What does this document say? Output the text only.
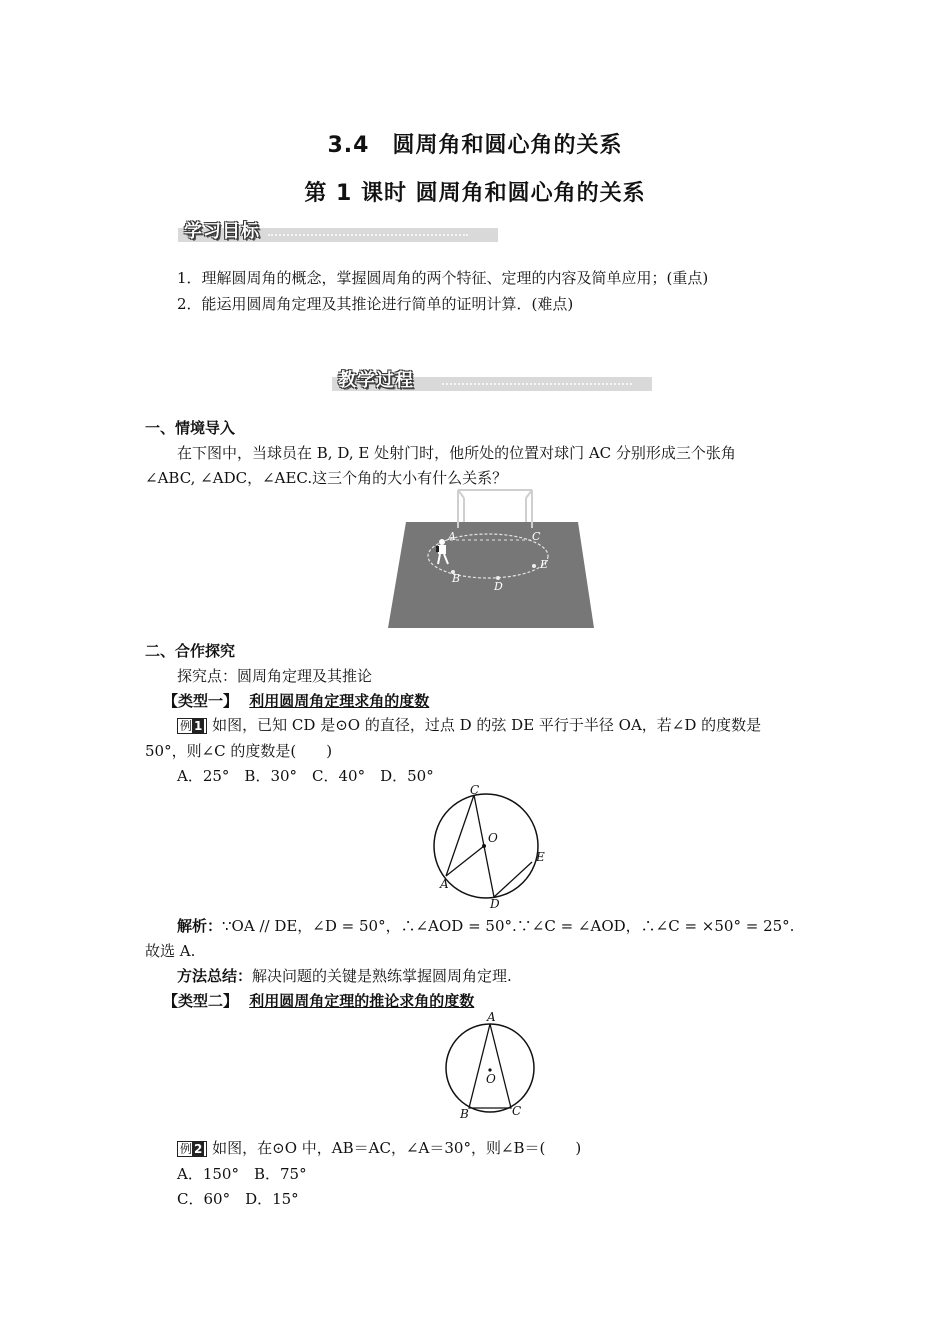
3.4　圆周角和圆心角的关系
第 1 课时 圆周角和圆心角的关系
学习目标
1．理解圆周角的概念，掌握圆周角的两个特征、定理的内容及简单应用；(重点)
2．能运用圆周角定理及其推论进行简单的证明计算．(难点)
教学过程
一、情境导入
在下图中，当球员在 B, D, E 处射门时，他所处的位置对球门 AC 分别形成三个张角
∠ABC, ∠ADC，∠AEC.这三个角的大小有什么关系？
A
B
C
D
E
二、合作探究
探究点：圆周角定理及其推论
【类型一】 利用圆周角定理求角的度数
例 1 如图，已知 CD 是⊙O 的直径，过点 D 的弦 DE 平行于半径 OA，若∠D 的度数是
50°，则∠C 的度数是(　　)
A．25°　B．30°　C．40°　D．50°
C
O
E
A
D
解析：∵OA // DE，∠D = 50°，∴∠AOD = 50°.∵∠C = ∠AOD，∴∠C = ×50° = 25°.
故选 A.
方法总结：解决问题的关键是熟练掌握圆周角定理.
【类型二】 利用圆周角定理的推论求角的度数
A
O
B	C
例 2 如图，在⊙O 中，AB＝AC，∠A＝30°，则∠B＝(　　)
A．150°　B．75°
C．60°　D．15°
